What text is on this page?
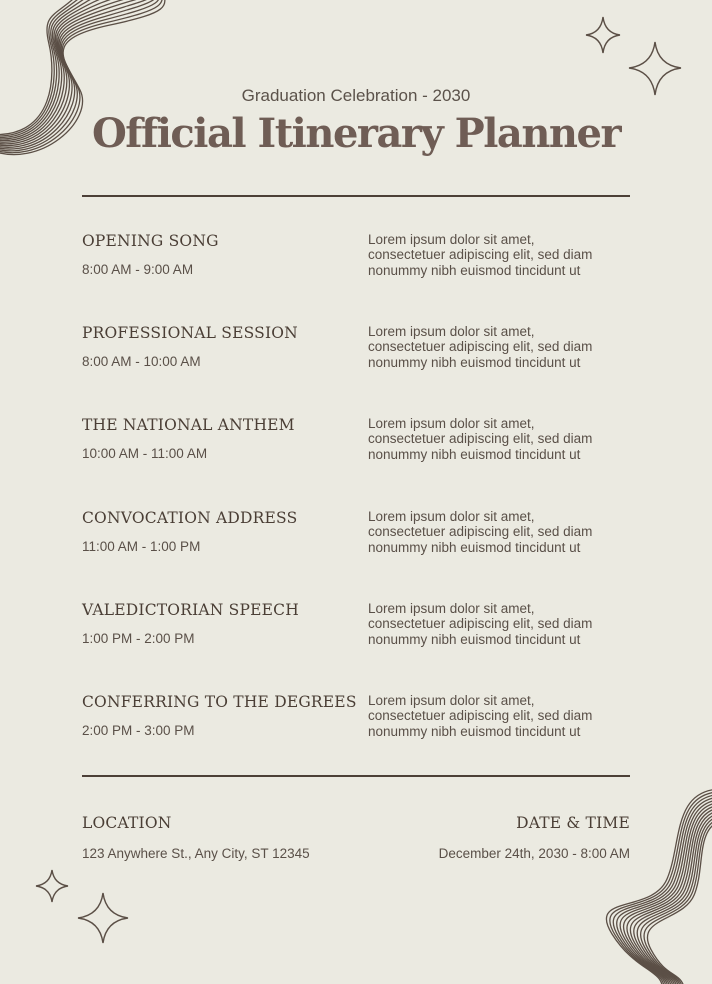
Graduation Celebration - 2030
Official Itinerary Planner
OPENING SONG
8:00 AM - 9:00 AM

Lorem ipsum dolor sit amet,
consectetuer adipiscing elit, sed diam
nonummy nibh euismod tincidunt ut

PROFESSIONAL SESSION
8:00 AM - 10:00 AM

Lorem ipsum dolor sit amet,
consectetuer adipiscing elit, sed diam
nonummy nibh euismod tincidunt ut

THE NATIONAL ANTHEM
10:00 AM - 11:00 AM

Lorem ipsum dolor sit amet,
consectetuer adipiscing elit, sed diam
nonummy nibh euismod tincidunt ut

CONVOCATION ADDRESS
11:00 AM - 1:00 PM

Lorem ipsum dolor sit amet,
consectetuer adipiscing elit, sed diam
nonummy nibh euismod tincidunt ut

VALEDICTORIAN SPEECH
1:00 PM - 2:00 PM

Lorem ipsum dolor sit amet,
consectetuer adipiscing elit, sed diam
nonummy nibh euismod tincidunt ut

CONFERRING TO THE DEGREES
2:00 PM - 3:00 PM

Lorem ipsum dolor sit amet,
consectetuer adipiscing elit, sed diam
nonummy nibh euismod tincidunt ut

LOCATION
123 Anywhere St., Any City, ST 12345
DATE & TIME
December 24th, 2030 - 8:00 AM
